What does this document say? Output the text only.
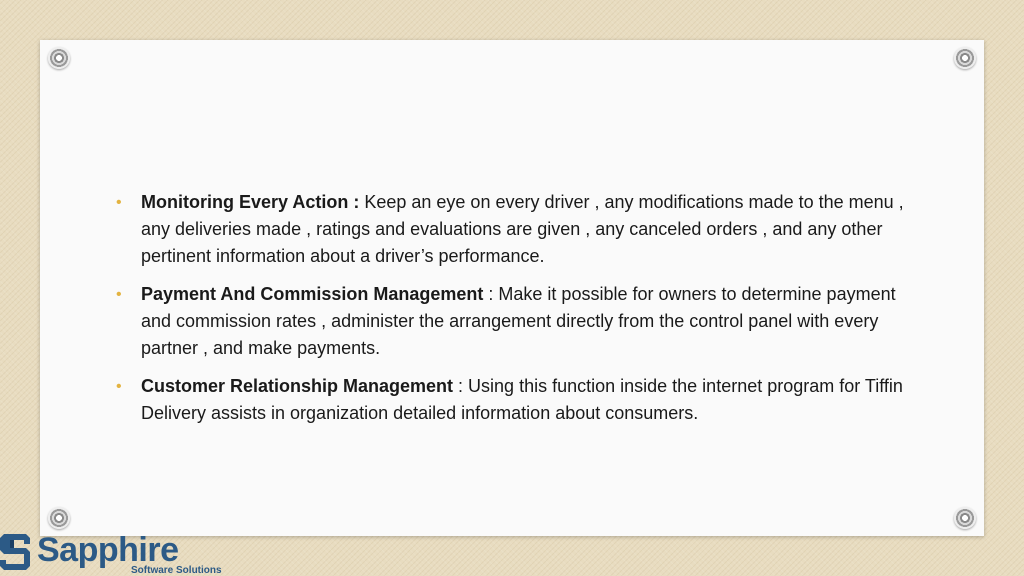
• Monitoring Every Action : Keep an eye on every driver , any modifications made to the menu , any deliveries made , ratings and evaluations are given , any canceled orders , and any other pertinent information about a driver’s performance.
• Payment And Commission Management : Make it possible for owners to determine payment and commission rates , administer the arrangement directly from the control panel with every partner , and make payments.
• Customer Relationship Management : Using this function inside the internet program for Tiffin Delivery assists in organization detailed information about consumers.
Sapphire
Software Solutions
